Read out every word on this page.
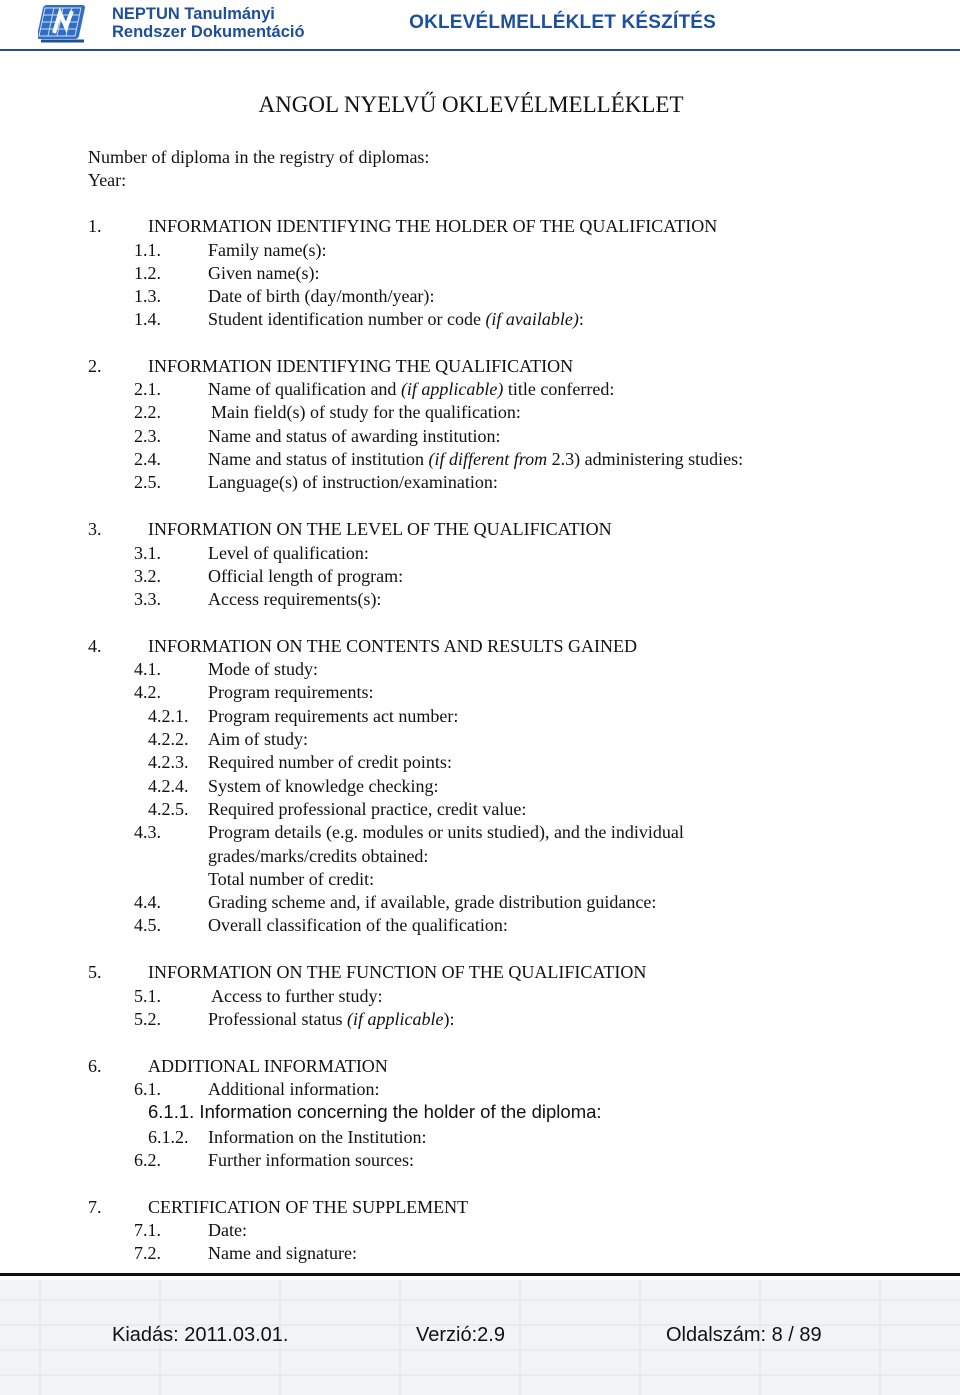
NEPTUN Tanulmányi
Rendszer Dokumentáció	OKLEVÉLMELLÉKLET KÉSZÍTÉS
ANGOL NYELVŰ OKLEVÉLMELLÉKLET
Number of diploma in the registry of diplomas:
Year:
1.	INFORMATION IDENTIFYING THE HOLDER OF THE QUALIFICATION
1.1.	Family name(s):
1.2.	Given name(s):
1.3.	Date of birth (day/month/year):
1.4.	Student identification number or code (if available):
2.	INFORMATION IDENTIFYING THE QUALIFICATION
2.1.	Name of qualification and (if applicable) title conferred:
2.2.	Main field(s) of study for the qualification:
2.3.	Name and status of awarding institution:
2.4.	Name and status of institution (if different from 2.3) administering studies:
2.5.	Language(s) of instruction/examination:
3.	INFORMATION ON THE LEVEL OF THE QUALIFICATION
3.1.	Level of qualification:
3.2.	Official length of program:
3.3.	Access requirements(s):
4.	INFORMATION ON THE CONTENTS AND RESULTS GAINED
4.1.	Mode of study:
4.2.	Program requirements:
4.2.1. Program requirements act number:
4.2.2. Aim of study:
4.2.3. Required number of credit points:
4.2.4. System of knowledge checking:
4.2.5. Required professional practice, credit value:
4.3.	Program details (e.g. modules or units studied), and the individual
grades/marks/credits obtained:
Total number of credit:
4.4.	Grading scheme and, if available, grade distribution guidance:
4.5.	Overall classification of the qualification:
5.	INFORMATION ON THE FUNCTION OF THE QUALIFICATION
5.1.	Access to further study:
5.2.	Professional status (if applicable):
6.	ADDITIONAL INFORMATION
6.1.	Additional information:
6.1.1. Information concerning the holder of the diploma:
6.1.2. Information on the Institution:
6.2.	Further information sources:
7.	CERTIFICATION OF THE SUPPLEMENT
7.1.	Date:
7.2.	Name and signature:
Kiadás: 2011.03.01.	Verzió:2.9	Oldalszám: 8 / 89
